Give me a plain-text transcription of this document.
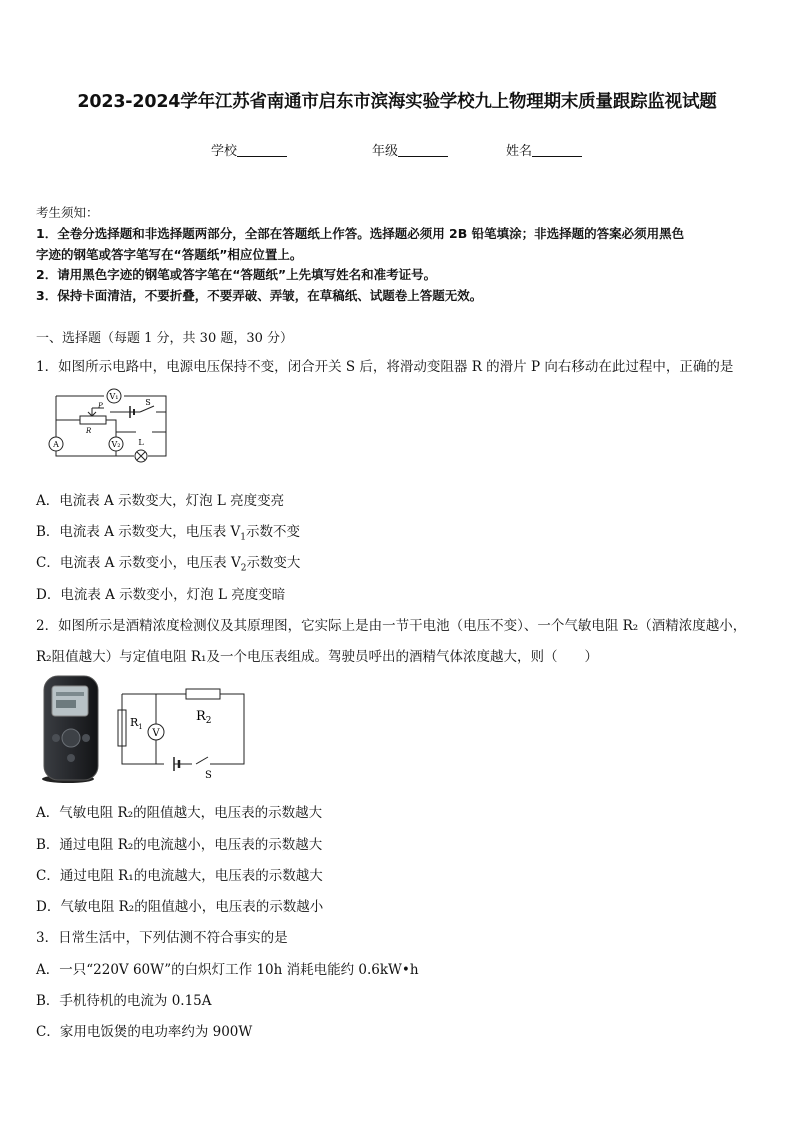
2023-2024学年江苏省南通市启东市滨海实验学校九上物理期末质量跟踪监视试题
学校	年级	姓名
考生须知：
1．全卷分选择题和非选择题两部分，全部在答题纸上作答。选择题必须用 2B 铅笔填涂；非选择题的答案必须用黑色
字迹的钢笔或答字笔写在“答题纸”相应位置上。
2．请用黑色字迹的钢笔或答字笔在“答题纸”上先填写姓名和准考证号。
3．保持卡面清洁，不要折叠，不要弄破、弄皱，在草稿纸、试题卷上答题无效。
一、选择题（每题 1 分，共 30 题，30 分）
1．如图所示电路中，电源电压保持不变，闭合开关 S 后，将滑动变阻器 R 的滑片 P 向右移动在此过程中，正确的是
V₁
V₂
A	L
S
P
R
A．电流表 A 示数变大，灯泡 L 亮度变亮
B．电流表 A 示数变大，电压表 $V_1$示数不变
C．电流表 A 示数变小，电压表 $V_2$示数变大
D．电流表 A 示数变小，灯泡 L 亮度变暗
2．如图所示是酒精浓度检测仪及其原理图，它实际上是由一节干电池（电压不变）、一个气敏电阻 R₂（酒精浓度越小，
R₂阻值越大）与定值电阻 R₁及一个电压表组成。驾驶员呼出的酒精气体浓度越大，则（　　）
V
$R_1$
$R_2$
S
A．气敏电阻 R₂的阻值越大，电压表的示数越大
B．通过电阻 R₂的电流越小，电压表的示数越大
C．通过电阻 R₁的电流越大，电压表的示数越大
D．气敏电阻 R₂的阻值越小，电压表的示数越小
3．日常生活中，下列估测不符合事实的是
A．一只“220V 60W”的白炽灯工作 10h 消耗电能约 0.6kW•h
B．手机待机的电流为 0.15A
C．家用电饭煲的电功率约为 900W
